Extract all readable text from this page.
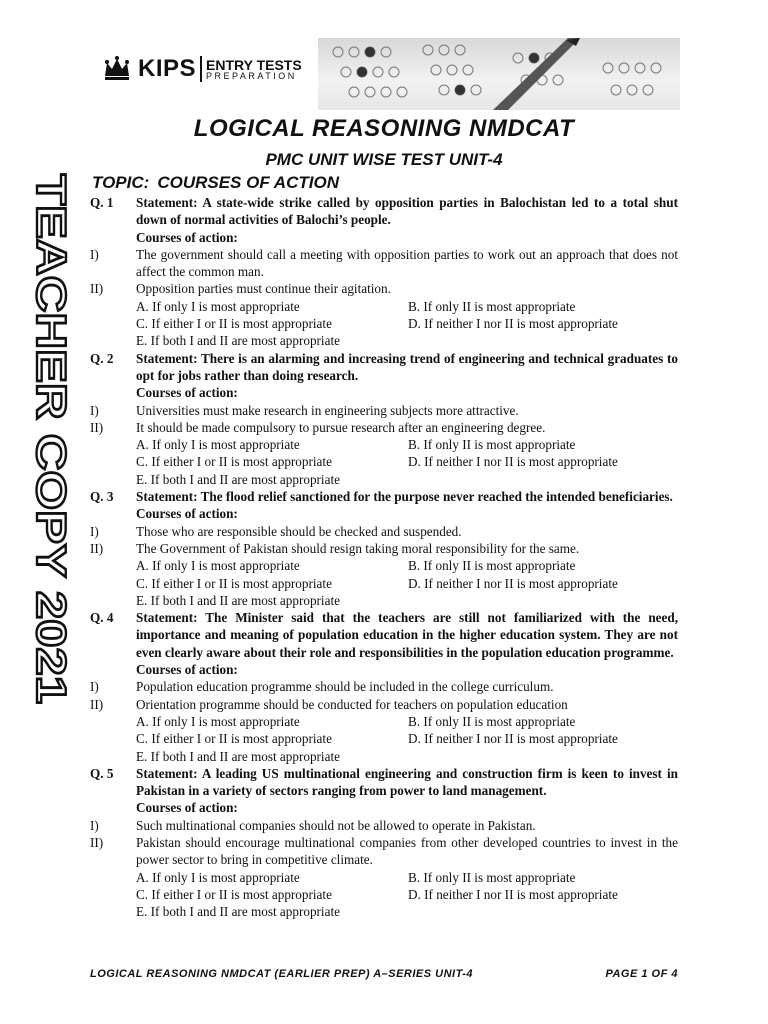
KIPS ENTRY TESTS
PREPARATION
LOGICAL REASONING NMDCAT
PMC UNIT WISE TEST UNIT-4
TOPIC: COURSES OF ACTION
TEACHER COPY 2021 Q. 1	Statement: A state-wide strike called by opposition parties in Balochistan led to a total shut down of normal activities of Balochi’s people.
Courses of action:
I)	The government should call a meeting with opposition parties to work out an approach that does not affect the common man.
II)	Opposition parties must continue their agitation.
A. If only I is most appropriate	B. If only II is most appropriate
C. If either I or II is most appropriate	D. If neither I nor II is most appropriate
E. If both I and II are most appropriate
Q. 2	Statement: There is an alarming and increasing trend of engineering and technical graduates to opt for jobs rather than doing research.
Courses of action:
I)	Universities must make research in engineering subjects more attractive.
II)	It should be made compulsory to pursue research after an engineering degree.
A. If only I is most appropriate	B. If only II is most appropriate
C. If either I or II is most appropriate	D. If neither I nor II is most appropriate
E. If both I and II are most appropriate
Q. 3	Statement: The flood relief sanctioned for the purpose never reached the intended beneficiaries.
Courses of action:
I)	Those who are responsible should be checked and suspended.
II)	The Government of Pakistan should resign taking moral responsibility for the same.
A. If only I is most appropriate	B. If only II is most appropriate
C. If either I or II is most appropriate	D. If neither I nor II is most appropriate
E. If both I and II are most appropriate
Q. 4	Statement: The Minister said that the teachers are still not familiarized with the need, importance and meaning of population education in the higher education system. They are not even clearly aware about their role and responsibilities in the population education programme.
Courses of action:
I)	Population education programme should be included in the college curriculum.
II)	Orientation programme should be conducted for teachers on population education
A. If only I is most appropriate	B. If only II is most appropriate
C. If either I or II is most appropriate	D. If neither I nor II is most appropriate
E. If both I and II are most appropriate
Q. 5	Statement: A leading US multinational engineering and construction firm is keen to invest in Pakistan in a variety of sectors ranging from power to land management.
Courses of action:
I)	Such multinational companies should not be allowed to operate in Pakistan.
II)	Pakistan should encourage multinational companies from other developed countries to invest in the power sector to bring in competitive climate.
A. If only I is most appropriate	B. If only II is most appropriate
C. If either I or II is most appropriate	D. If neither I nor II is most appropriate
E. If both I and II are most appropriate
LOGICAL REASONING NMDCAT (EARLIER PREP) A–SERIES UNIT-4	PAGE 1 OF 4
